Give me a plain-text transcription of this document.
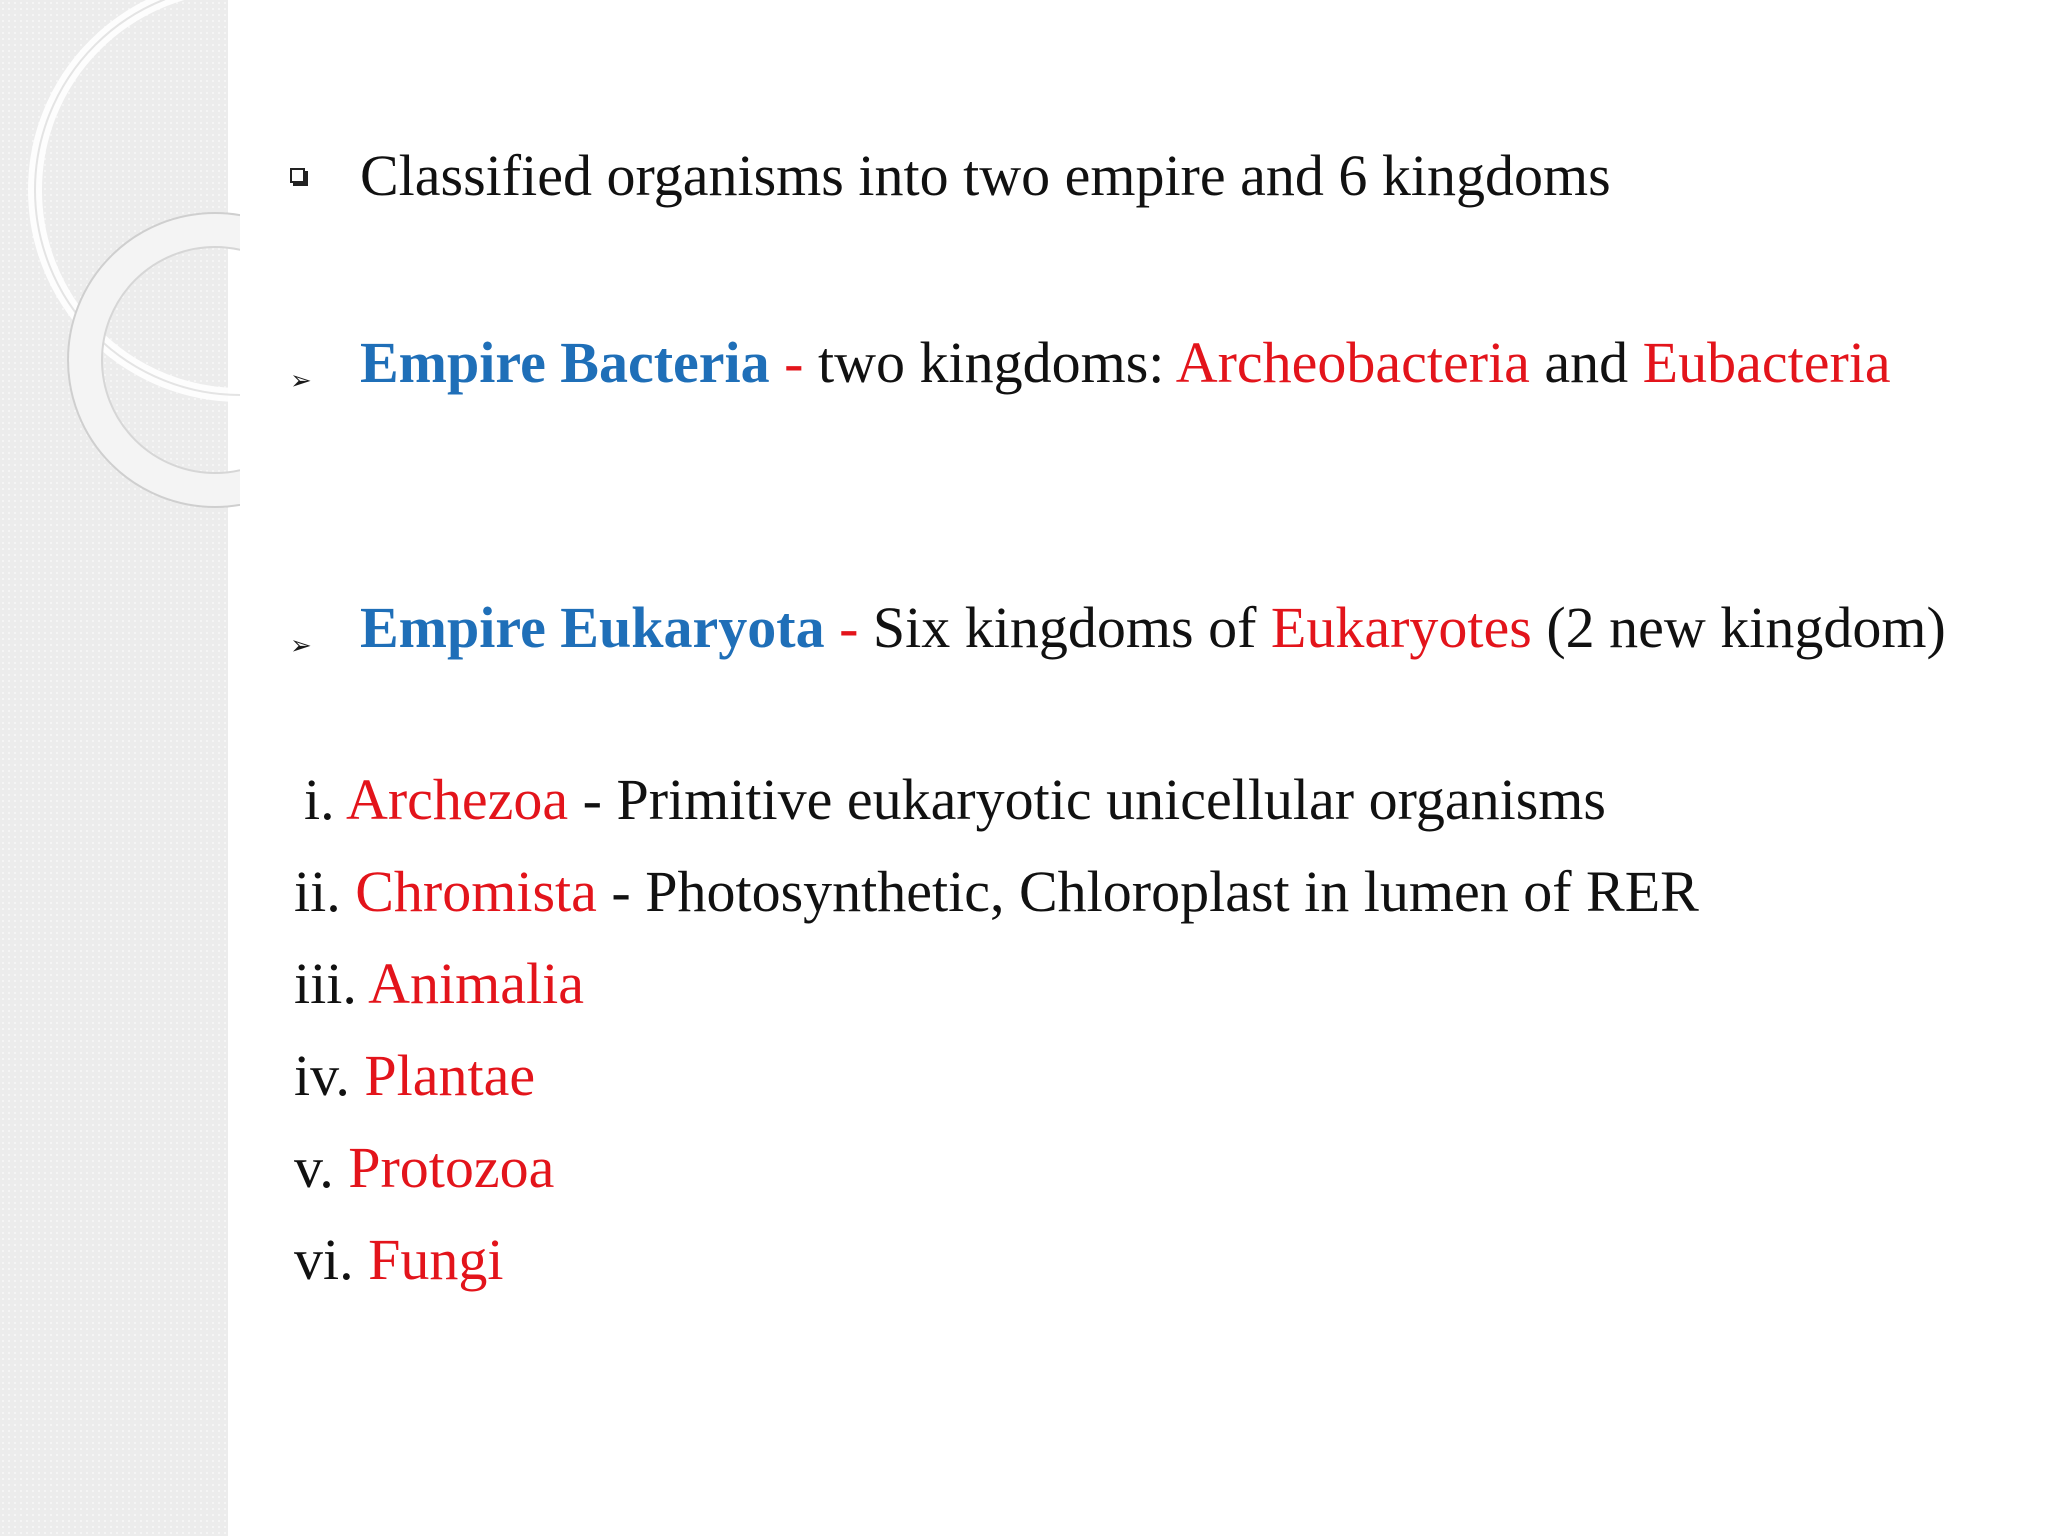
Classified organisms into two empire and 6 kingdoms
➢ Empire Bacteria - two kingdoms: Archeobacteria and Eubacteria
➢ Empire Eukaryota - Six kingdoms of Eukaryotes (2 new kingdom)
i. Archezoa - Primitive eukaryotic unicellular organisms
ii. Chromista - Photosynthetic, Chloroplast in lumen of RER
iii. Animalia
iv. Plantae
v. Protozoa
vi. Fungi
